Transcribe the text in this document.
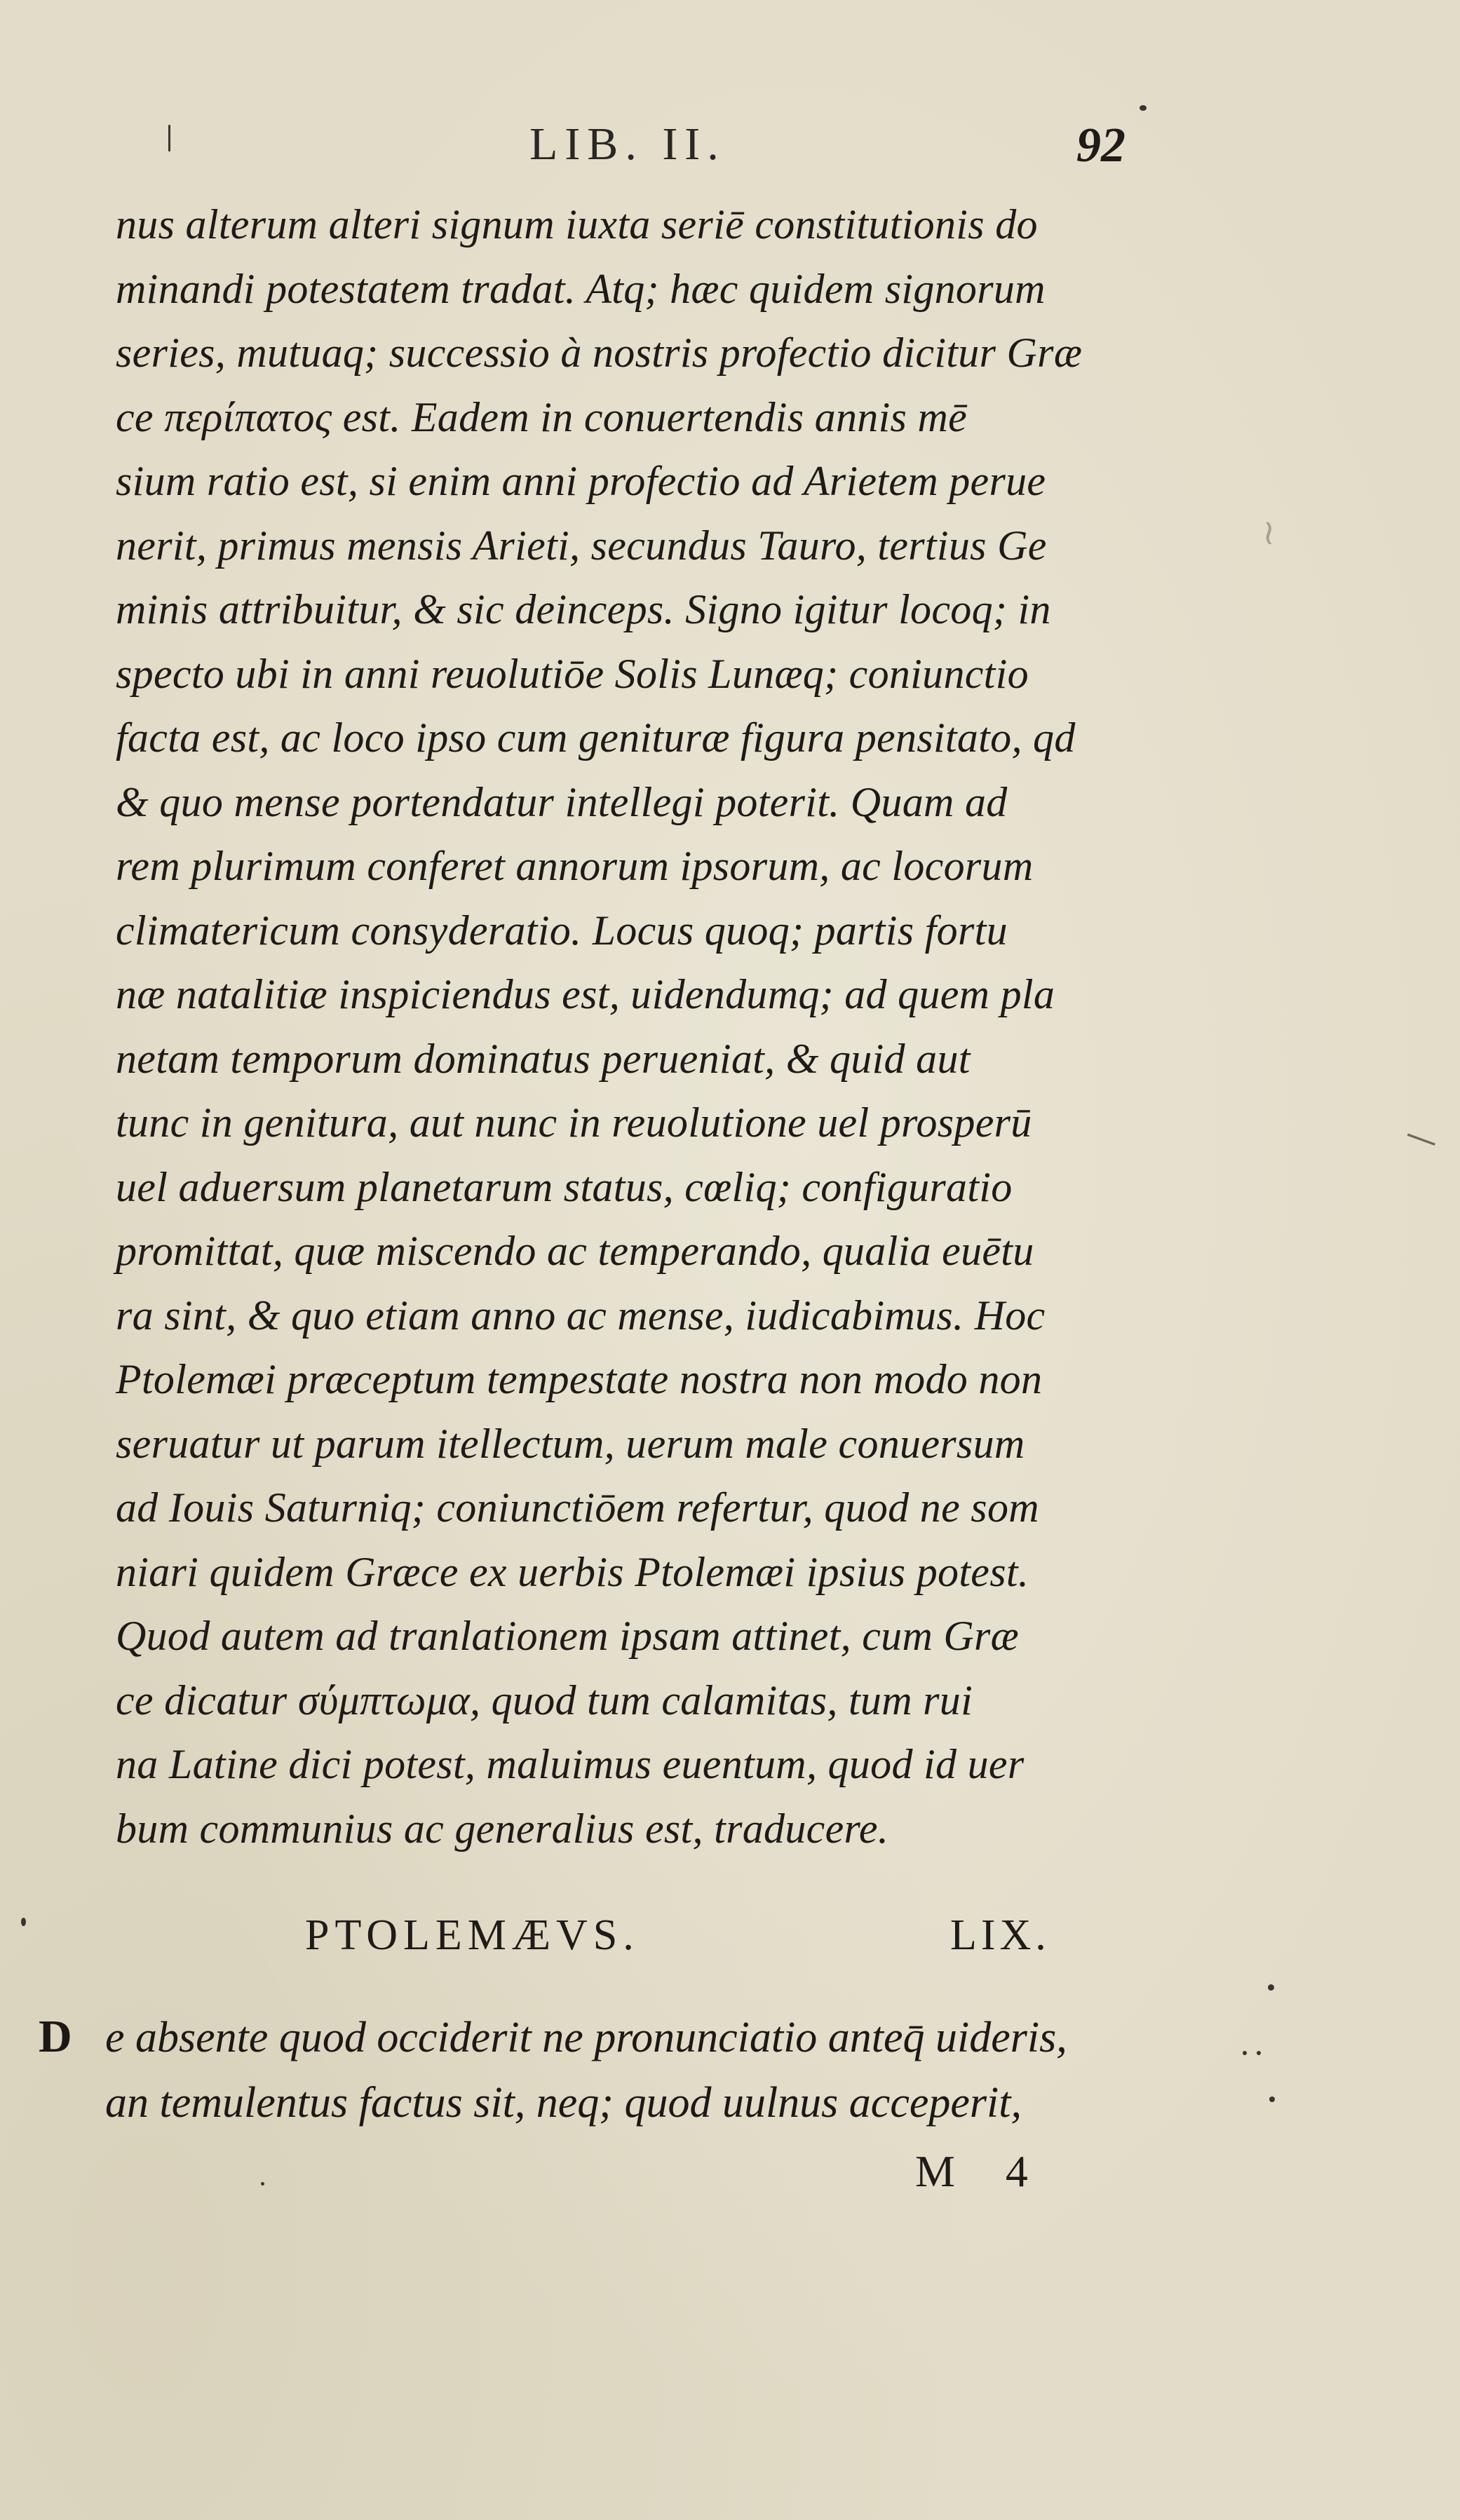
—
≀
LIB. II.	92
nus alterum alteri signum iuxta seriē constitutionis do
minandi potestatem tradat. Atq; hæc quidem signorum
series, mutuaq; successio à nostris profectio dicitur Græ
ce περίπατος est. Eadem in conuertendis annis mē
sium ratio est, si enim anni profectio ad Arietem perue
nerit, primus mensis Arieti, secundus Tauro, tertius Ge
minis attribuitur, & sic deinceps. Signo igitur locoq; in
specto ubi in anni reuolutiōe Solis Lunæq; coniunctio
facta est, ac loco ipso cum genituræ figura pensitato, qd
& quo mense portendatur intellegi poterit. Quam ad
rem plurimum conferet annorum ipsorum, ac locorum
climatericum consyderatio. Locus quoq; partis fortu
næ natalitiæ inspiciendus est, uidendumq; ad quem pla
netam temporum dominatus perueniat, & quid aut
tunc in genitura, aut nunc in reuolutione uel prosperū
uel aduersum planetarum status, cœliq; configuratio
promittat, quæ miscendo ac temperando, qualia euētu
ra sint, & quo etiam anno ac mense, iudicabimus. Hoc
Ptolemæi præceptum tempestate nostra non modo non
seruatur ut parum itellectum, uerum male conuersum
ad Iouis Saturniq; coniunctiōem refertur, quod ne som
niari quidem Græce ex uerbis Ptolemæi ipsius potest.
Quod autem ad tranlationem ipsam attinet, cum Græ
ce dicatur σύμπτωμα, quod tum calamitas, tum rui
na Latine dici potest, maluimus euentum, quod id uer
bum communius ac generalius est, traducere.
PTOLEMÆVS.	LIX.
D e absente quod occiderit ne pronunciatio anteq̄ uideris,
an temulentus factus sit, neq; quod uulnus acceperit,
M 4
